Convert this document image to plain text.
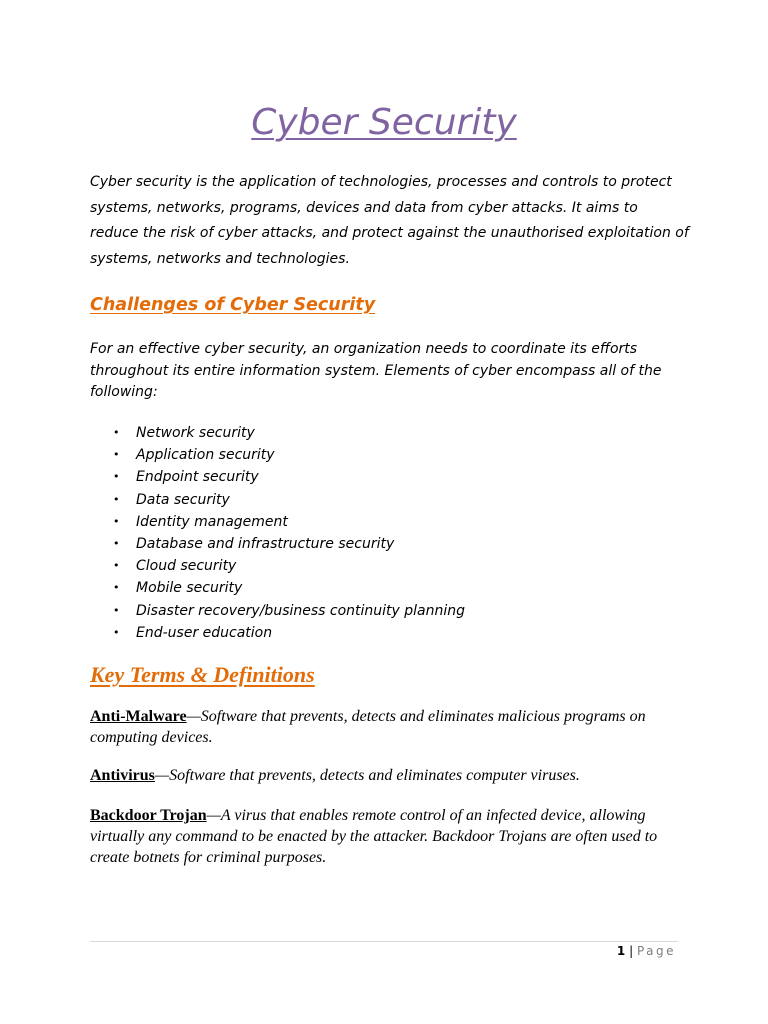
Cyber Security

Cyber security is the application of technologies, processes and controls to protect systems, networks, programs, devices and data from cyber attacks. It aims to reduce the risk of cyber attacks, and protect against the unauthorised exploitation of systems, networks and technologies.

Challenges of Cyber Security

For an effective cyber security, an organization needs to coordinate its efforts throughout its entire information system. Elements of cyber encompass all of the following:

• Network security
• Application security
• Endpoint security
• Data security
• Identity management
• Database and infrastructure security
• Cloud security
• Mobile security
• Disaster recovery/business continuity planning
• End-user education
Key Terms & Definitions

Anti-Malware—Software that prevents, detects and eliminates malicious programs on computing devices.

Antivirus—Software that prevents, detects and eliminates computer viruses.

Backdoor Trojan—A virus that enables remote control of an infected device, allowing virtually any command to be enacted by the attacker. Backdoor Trojans are often used to create botnets for criminal purposes.

1 | Page
